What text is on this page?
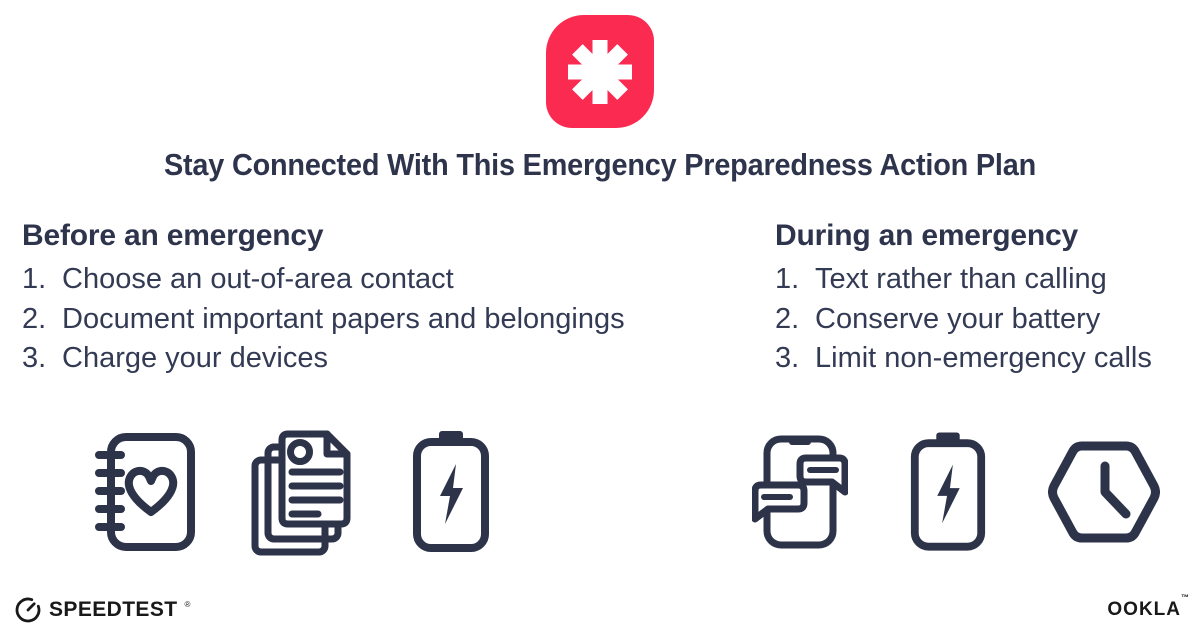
Stay Connected With This Emergency Preparedness Action Plan
Before an emergency
1. Choose an out-of-area contact
2. Document important papers and belongings
3. Charge your devices
During an emergency
1. Text rather than calling
2. Conserve your battery
3. Limit non-emergency calls
SPEEDTEST ®	OOKLA
™
